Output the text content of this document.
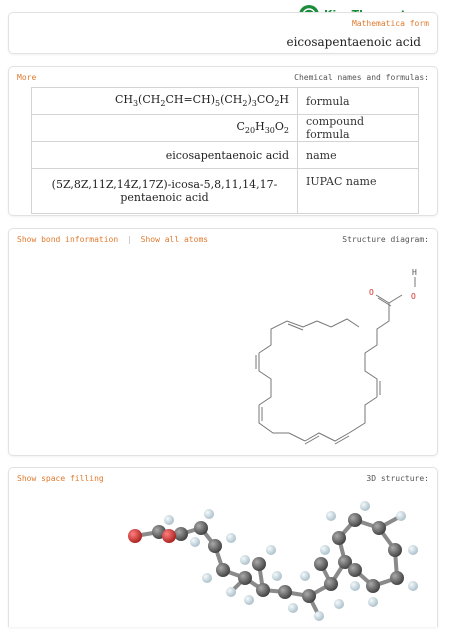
Mathematica form
eicosapentaenoic acid
More	Chemical names and formulas:
$CH_3(CH_2CH=CH)_5(CH_2)_3CO_2H$	formula
$C_{20}H_{30}O_2$	compound formula
eicosapentaenoic acid	name

(5Z,8Z,11Z,14Z,17Z)-icosa-5,8,11,14,17-
pentaenoic acid	IUPAC name
Show bond information | Show all atoms	Structure diagram:
O
O
H
Show space filling	3D structure:
